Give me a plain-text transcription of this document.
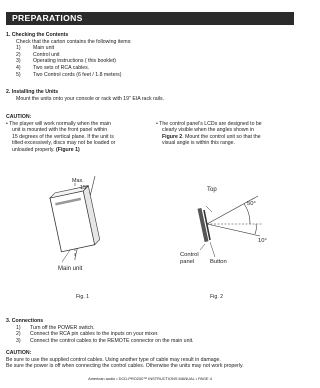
PREPARATIONS
1. Checking the Contents
Check that the carton contains the following items:
1) Main unit
2) Control unit
3) Operating instructions ( this booklet)
4) Two sets of RCA cables.
5) Two Control cords (6 feet / 1.8 meters)
2. Installing the Units
Mount the units onto your console or rack with 19" EIA rack rails.
CAUTION:
• The player will work normally when the main
unit is mounted with the front panel within
15 degrees of the vertical plane. If the unit is
tilted excessively, discs may not be loaded or
unloaded properly. (Figure 1)
• The control panel's LCDs are designed to be
clearly visible when the angles shown in
Figure 2. Mount the control unit so that the
visual angle is within this range.
Max.
15°
Main unit
Top
50°
10°
Control
panel	Button
Fig. 1	Fig. 2
3. Connections
1) Turn off the POWER switch.
2) Connect the RCA pin cables to the inputs on your mixer.
3) Connect the control cables to the REMOTE connector on the main unit.
CAUTION:
Be sure to use the supplied control cables. Using another type of cable may result in damage.
Be sure the power is off when connecting the control cables. Otherwise the units may not work properly.
American audio • DCD-PRO200™ INSTRUCTIONS MANUAL • PAGE 4
